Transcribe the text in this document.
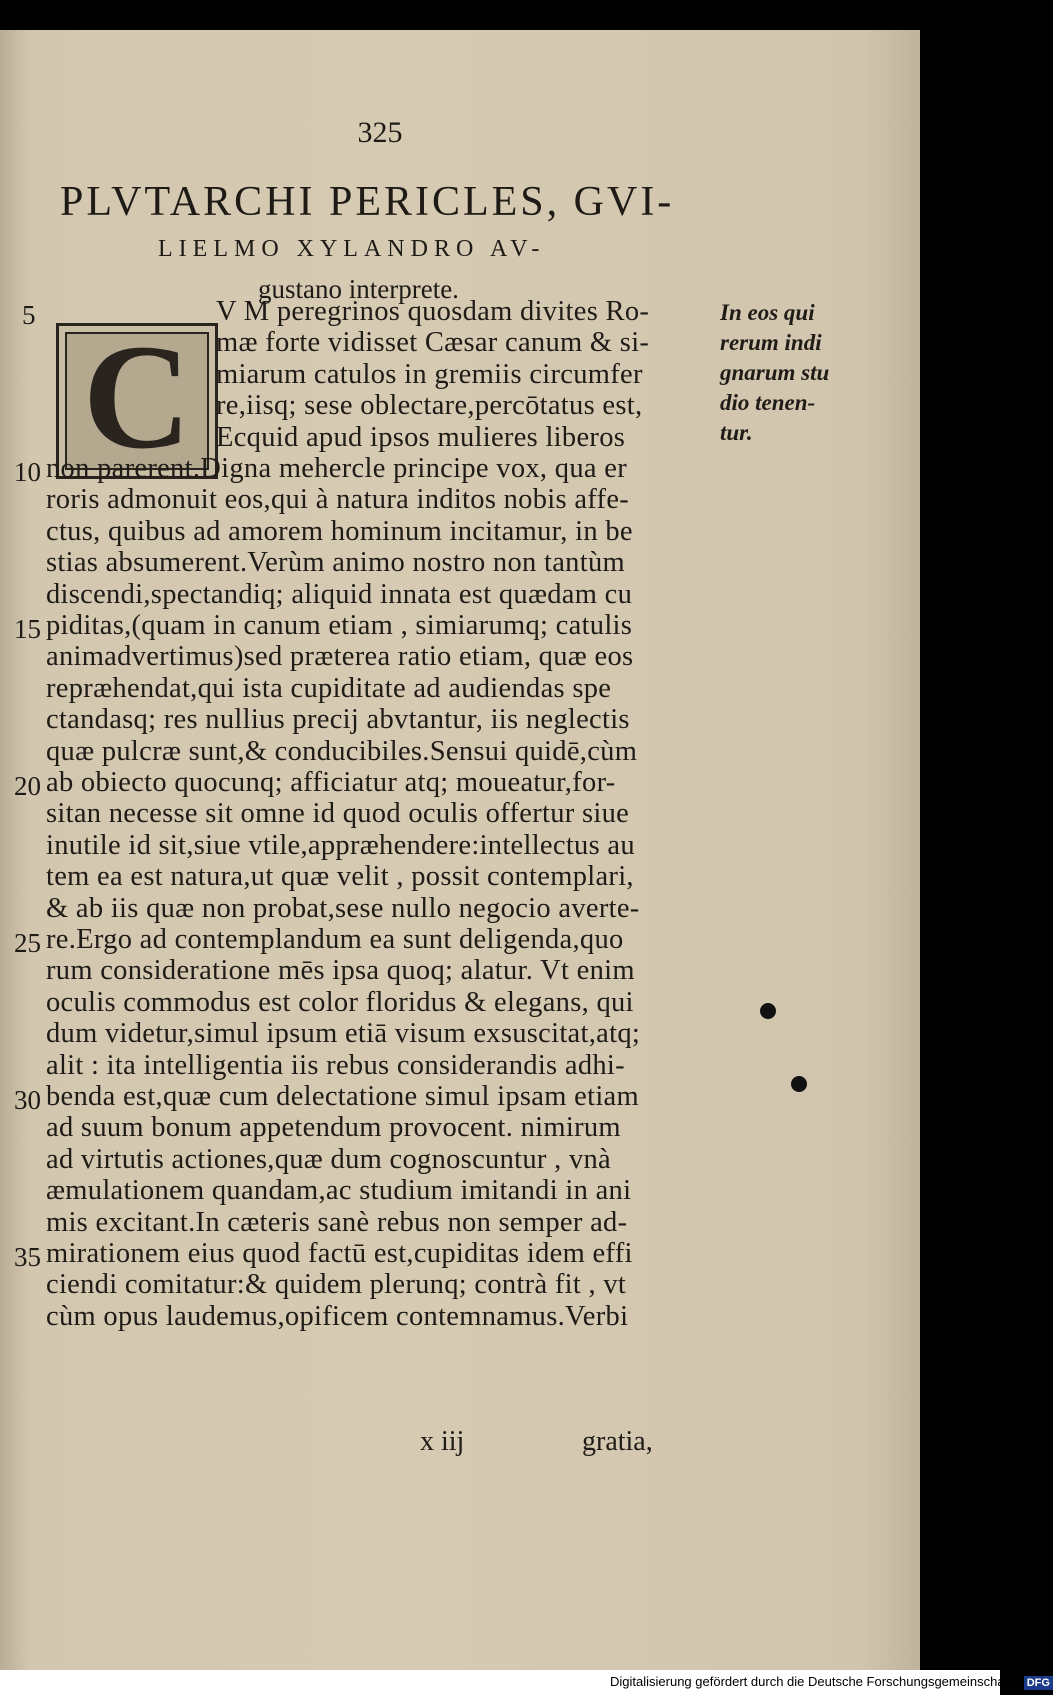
325
PLVTARCHI PERICLES, GVI-
LIELMO XYLANDRO AV-
gustano interprete.
C
V M peregrinos quosdam divites Ro-
mæ forte vidisset Cæsar canum & si-
miarum catulos in gremiis circumfer
re,iisq; sese oblectare,percōtatus est,
Ecquid apud ipsos mulieres liberos
non parerent.Digna mehercle principe vox, qua er
roris admonuit eos,qui à natura inditos nobis affe-
ctus, quibus ad amorem hominum incitamur, in be
stias absumerent.Verùm animo nostro non tantùm
discendi,spectandiq; aliquid innata est quædam cu
piditas,(quam in canum etiam , simiarumq; catulis
animadvertimus)sed præterea ratio etiam, quæ eos
repræhendat,qui ista cupiditate ad audiendas spe
ctandasq; res nullius precij abvtantur, iis neglectis
quæ pulcræ sunt,& conducibiles.Sensui quidē,cùm
ab obiecto quocunq; afficiatur atq; moueatur,for-
sitan necesse sit omne id quod oculis offertur siue
inutile id sit,siue vtile,appræhendere:intellectus au
tem ea est natura,ut quæ velit , possit contemplari,
& ab iis quæ non probat,sese nullo negocio averte-
re.Ergo ad contemplandum ea sunt deligenda,quo
rum consideratione mēs ipsa quoq; alatur. Vt enim
oculis commodus est color floridus & elegans, qui
dum videtur,simul ipsum etiā visum exsuscitat,atq;
alit : ita intelligentia iis rebus considerandis adhi-
benda est,quæ cum delectatione simul ipsam etiam
ad suum bonum appetendum provocent. nimirum
ad virtutis actiones,quæ dum cognoscuntur , vnà
æmulationem quandam,ac studium imitandi in ani
mis excitant.In cæteris sanè rebus non semper ad-
mirationem eius quod factū est,cupiditas idem effi
ciendi comitatur:& quidem plerunq; contrà fit , vt
cùm opus laudemus,opificem contemnamus.Verbi
5
10
15
20
25
30
35
In eos qui
rerum indi
gnarum stu
dio tenen-
tur.
x iij	gratia,
Digitalisierung gefördert durch die Deutsche Forschungsgemeinschaft - DFG
